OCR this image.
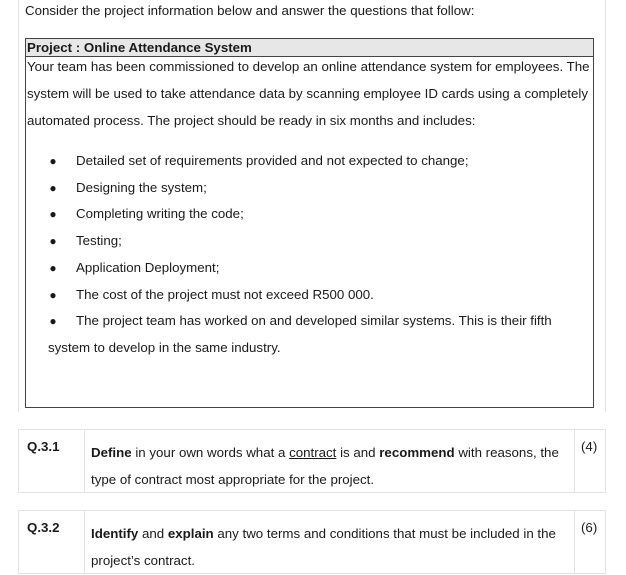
Consider the project information below and answer the questions that follow:
Project : Online Attendance System
Your team has been commissioned to develop an online attendance system for employees. The system will be used to take attendance data by scanning employee ID cards using a completely automated process. The project should be ready in six months and includes:
● Detailed set of requirements provided and not expected to change;
● Designing the system;
● Completing writing the code;
● Testing;
● Application Deployment;
● The cost of the project must not exceed R500 000.
● The project team has worked on and developed similar systems. This is their fifth
system to develop in the same industry.
Q.3.1 Define in your own words what a contract is and recommend with reasons, the type of contract most appropriate for the project.
(4)
Q.3.2 Identify and explain any two terms and conditions that must be included in the project’s contract.
(6)
